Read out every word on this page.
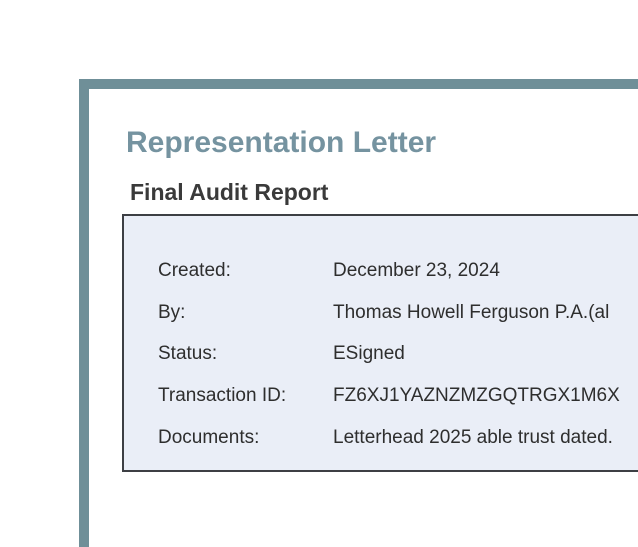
Representation Letter
Final Audit Report
Created:	December 23, 2024
By:	Thomas Howell Ferguson P.A.(al
Status:	ESigned
Transaction ID: FZ6XJ1YAZNZMZGQTRGX1M6X
Documents:	Letterhead 2025 able trust dated.
